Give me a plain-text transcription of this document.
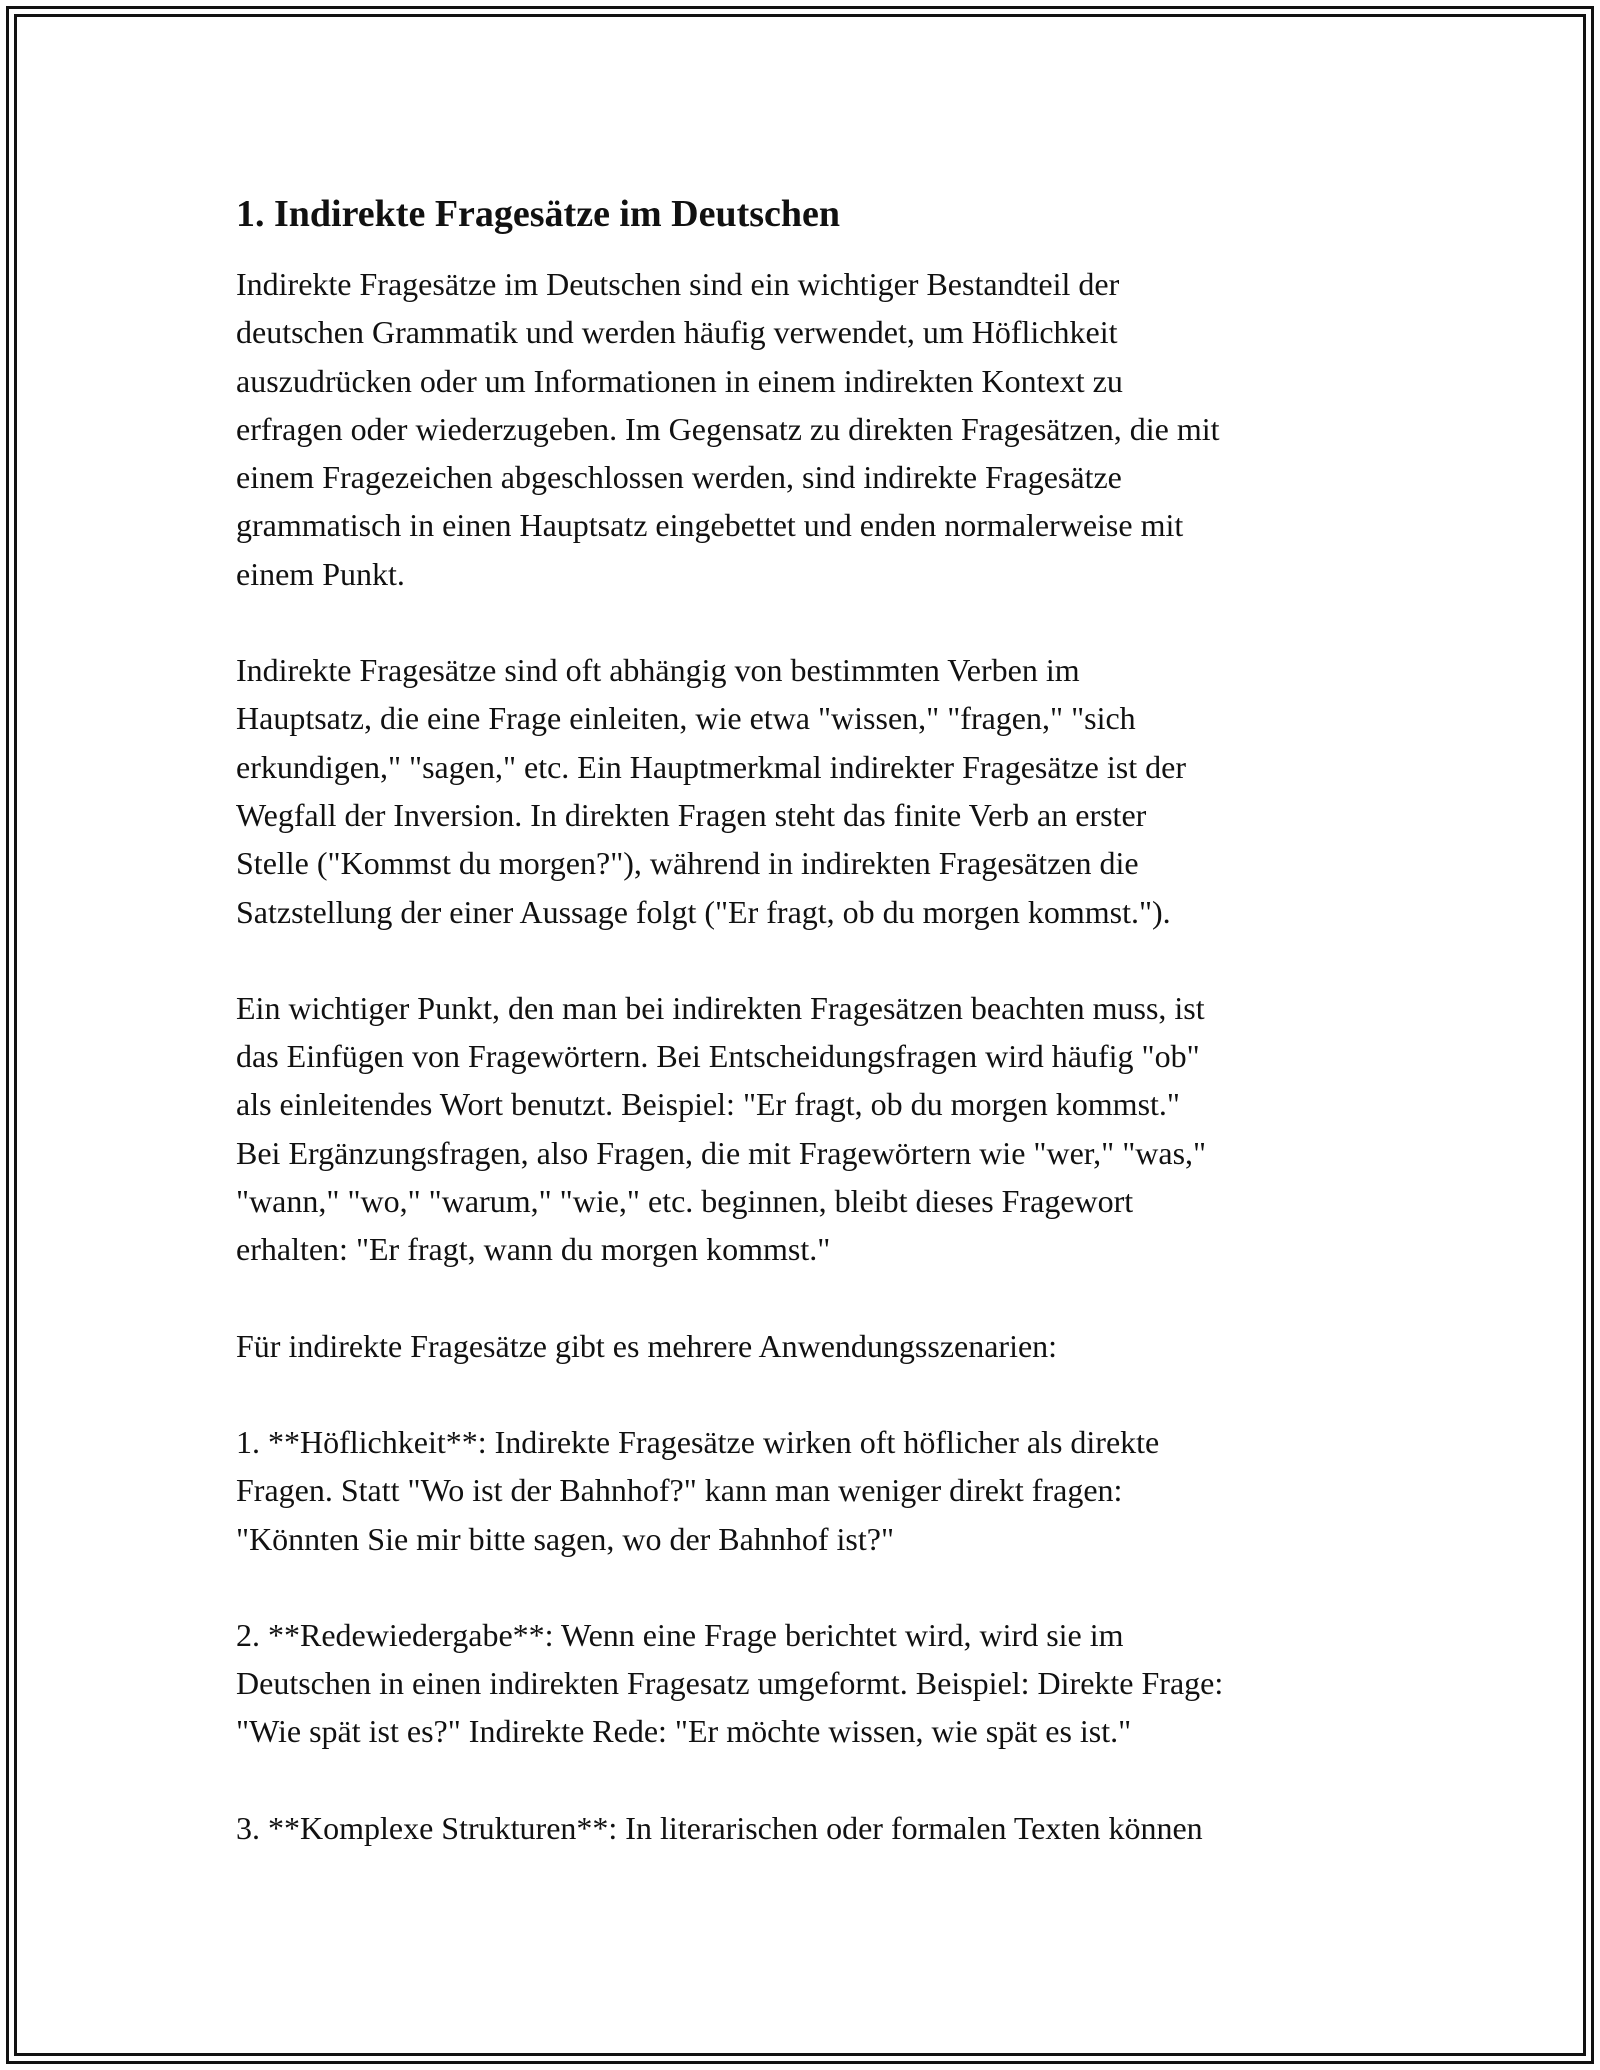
1. Indirekte Fragesätze im Deutschen

Indirekte Fragesätze im Deutschen sind ein wichtiger Bestandteil der
deutschen Grammatik und werden häufig verwendet, um Höflichkeit
auszudrücken oder um Informationen in einem indirekten Kontext zu
erfragen oder wiederzugeben. Im Gegensatz zu direkten Fragesätzen, die mit
einem Fragezeichen abgeschlossen werden, sind indirekte Fragesätze
grammatisch in einen Hauptsatz eingebettet und enden normalerweise mit
einem Punkt.

Indirekte Fragesätze sind oft abhängig von bestimmten Verben im
Hauptsatz, die eine Frage einleiten, wie etwa "wissen," "fragen," "sich
erkundigen," "sagen," etc. Ein Hauptmerkmal indirekter Fragesätze ist der
Wegfall der Inversion. In direkten Fragen steht das finite Verb an erster
Stelle ("Kommst du morgen?"), während in indirekten Fragesätzen die
Satzstellung der einer Aussage folgt ("Er fragt, ob du morgen kommst.").

Ein wichtiger Punkt, den man bei indirekten Fragesätzen beachten muss, ist
das Einfügen von Fragewörtern. Bei Entscheidungsfragen wird häufig "ob"
als einleitendes Wort benutzt. Beispiel: "Er fragt, ob du morgen kommst."
Bei Ergänzungsfragen, also Fragen, die mit Fragewörtern wie "wer," "was,"
"wann," "wo," "warum," "wie," etc. beginnen, bleibt dieses Fragewort
erhalten: "Er fragt, wann du morgen kommst."

Für indirekte Fragesätze gibt es mehrere Anwendungsszenarien:

1. **Höflichkeit**: Indirekte Fragesätze wirken oft höflicher als direkte
Fragen. Statt "Wo ist der Bahnhof?" kann man weniger direkt fragen:
"Könnten Sie mir bitte sagen, wo der Bahnhof ist?"

2. **Redewiedergabe**: Wenn eine Frage berichtet wird, wird sie im
Deutschen in einen indirekten Fragesatz umgeformt. Beispiel: Direkte Frage:
"Wie spät ist es?" Indirekte Rede: "Er möchte wissen, wie spät es ist."

3. **Komplexe Strukturen**: In literarischen oder formalen Texten können
